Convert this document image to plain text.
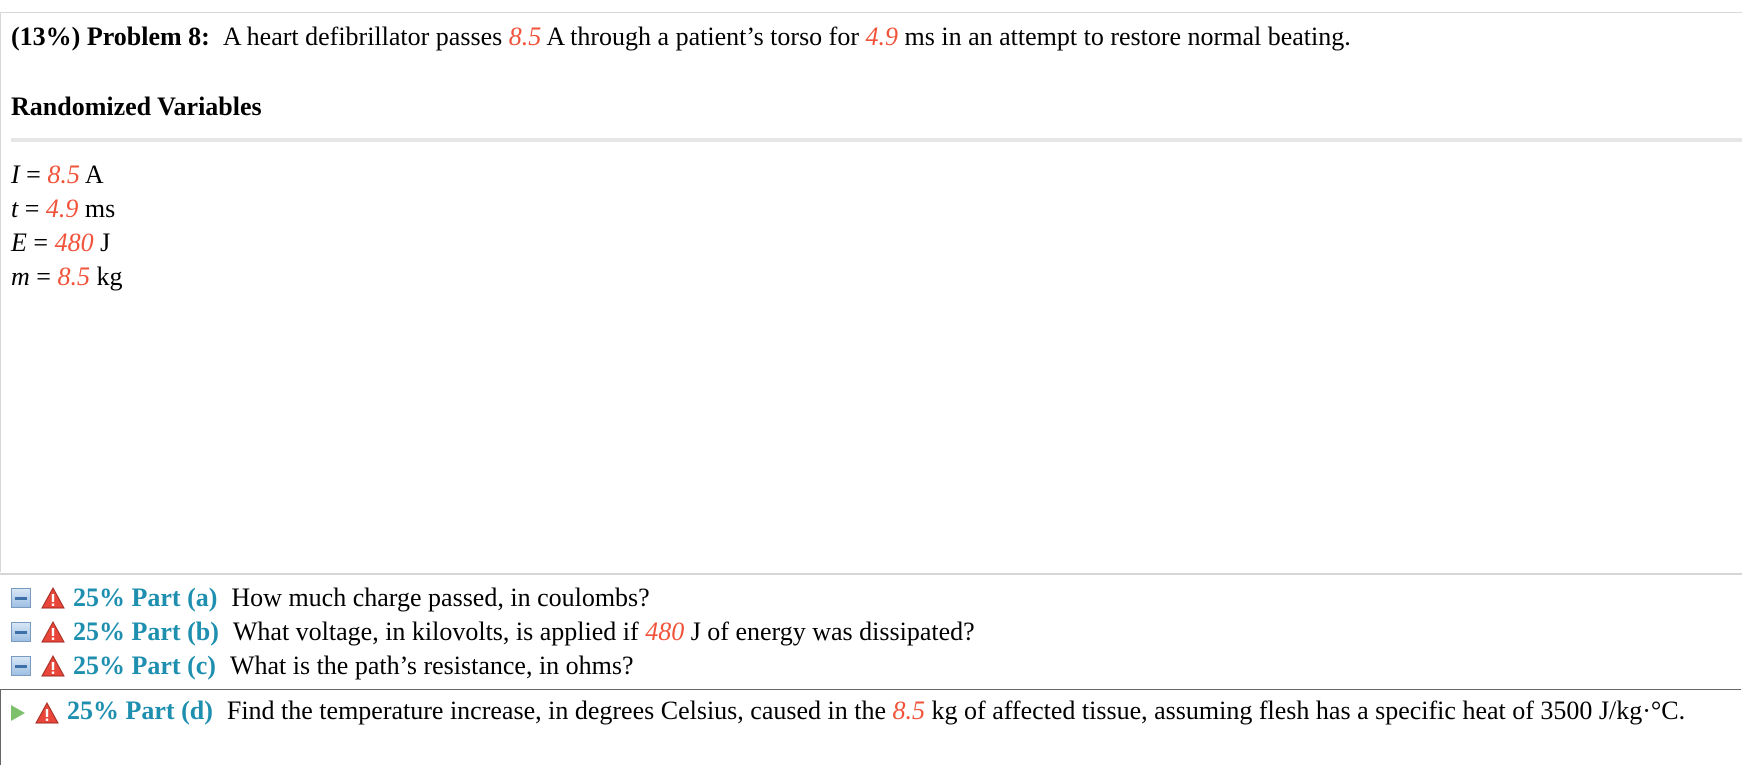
(13%) Problem 8: A heart defibrillator passes 8.5 A through a patient’s torso for 4.9 ms in an attempt to restore normal beating.
Randomized Variables
I = 8.5 A
t = 4.9 ms
E = 480 J
m = 8.5 kg
25% Part (a) How much charge passed, in coulombs?
25% Part (b) What voltage, in kilovolts, is applied if
480
J of energy was dissipated?
25% Part (c) What is the path’s resistance, in ohms?
25% Part (d) Find the temperature increase, in degrees Celsius, caused in the 8.5 kg of affected tissue, assuming flesh has a specific heat of 3500 J/kg·°C.
